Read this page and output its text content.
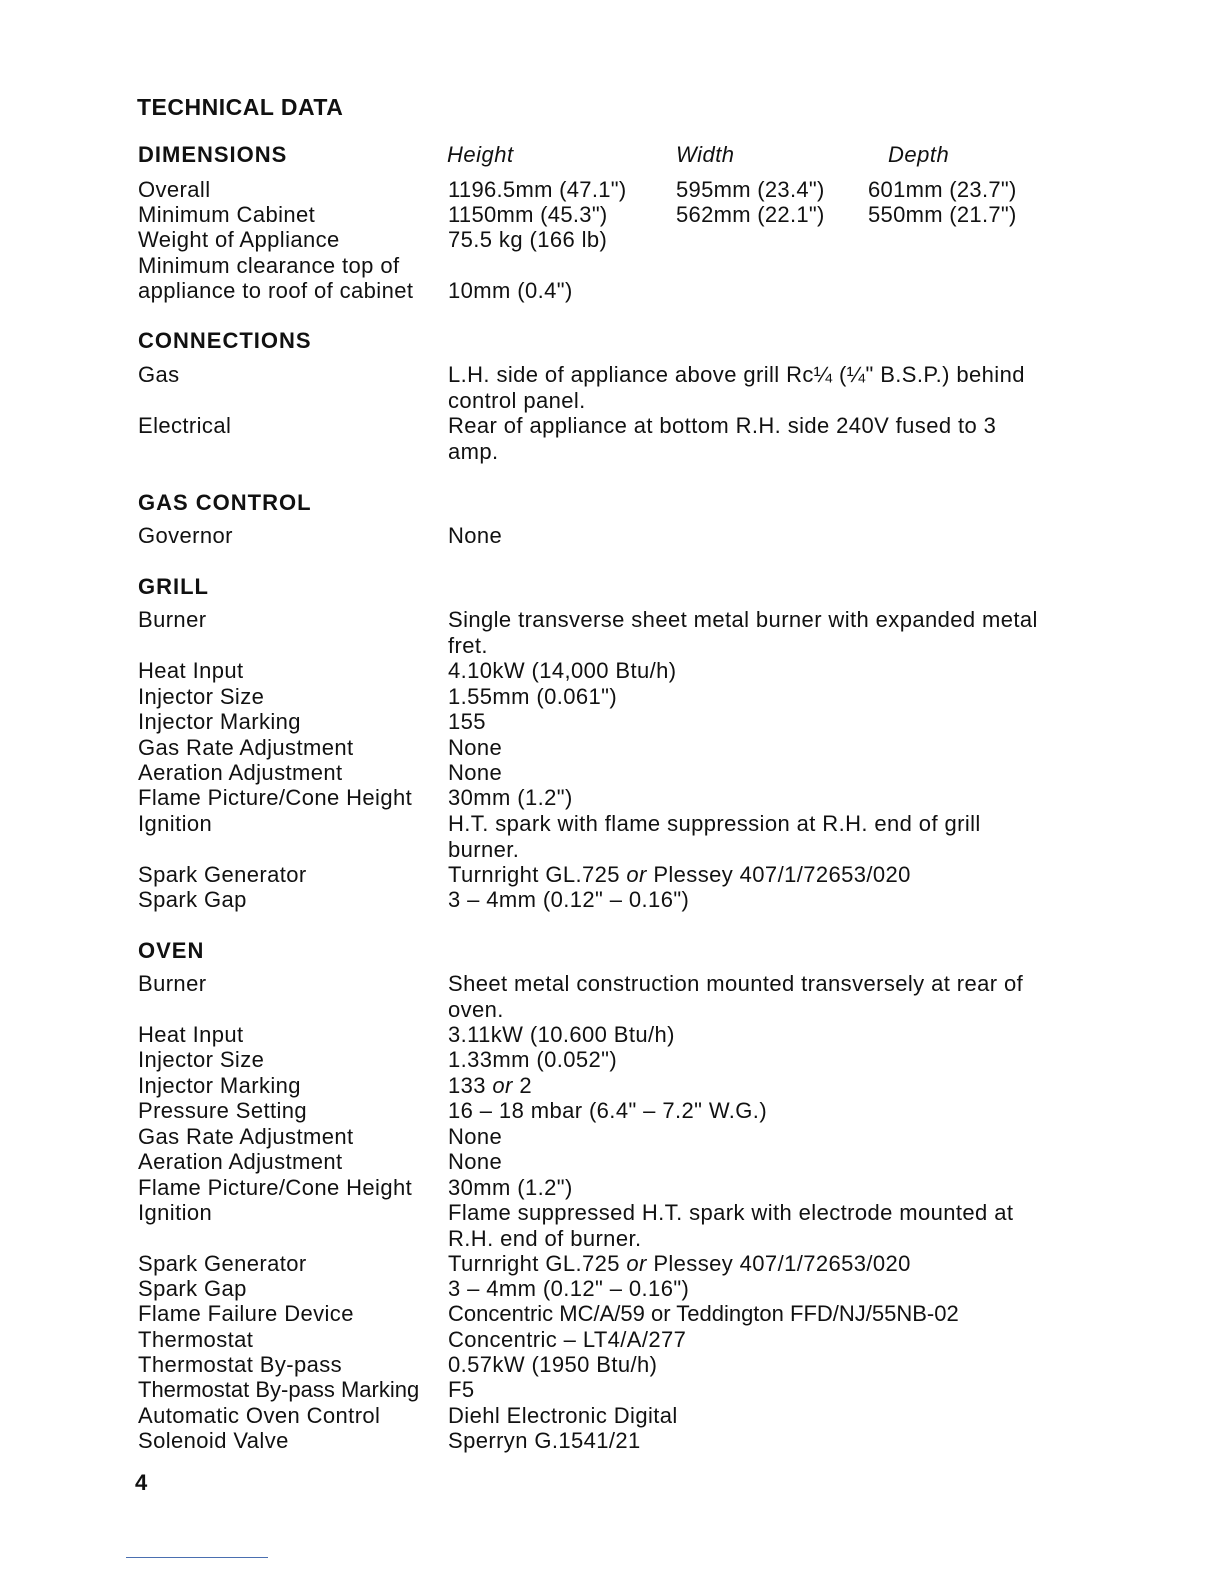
TECHNICAL DATA
DIMENSIONS	Height	Width	Depth
Overall	1196.5mm (47.1") 595mm (23.4") 601mm (23.7")
Minimum Cabinet	1150mm (45.3")	562mm (22.1") 550mm (21.7")
Weight of Appliance	75.5 kg (166 lb)
Minimum clearance top of
appliance to roof of cabinet	10mm (0.4")
CONNECTIONS
Gas	L.H. side of appliance above grill Rc¼ (¼" B.S.P.) behind control panel.
Electrical	Rear of appliance at bottom R.H. side 240V fused to 3 amp.
GAS CONTROL
Governor	None
GRILL
Burner	Single transverse sheet metal burner with expanded metal fret.
Heat Input	4.10kW (14,000 Btu/h)
Injector Size	1.55mm (0.061")
Injector Marking	155
Gas Rate Adjustment	None
Aeration Adjustment	None
Flame Picture/Cone Height	30mm (1.2")
Ignition	H.T. spark with flame suppression at R.H. end of grill burner.
Spark Generator	Turnright GL.725 or Plessey 407/1/72653/020
Spark Gap	3 – 4mm (0.12" – 0.16")
OVEN
Burner	Sheet metal construction mounted transversely at rear of oven.
Heat Input	3.11kW (10.600 Btu/h)
Injector Size	1.33mm (0.052")
Injector Marking	133 or 2
Pressure Setting	16 – 18 mbar (6.4" – 7.2" W.G.)
Gas Rate Adjustment	None
Aeration Adjustment	None
Flame Picture/Cone Height	30mm (1.2")
Ignition	Flame suppressed H.T. spark with electrode mounted at R.H. end of burner.
Spark Generator	Turnright GL.725 or Plessey 407/1/72653/020
Spark Gap	3 – 4mm (0.12" – 0.16")
Flame Failure Device	Concentric MC/A/59 or Teddington FFD/NJ/55NB-02
Thermostat	Concentric – LT4/A/277
Thermostat By-pass	0.57kW (1950 Btu/h)
Thermostat By-pass Marking	F5
Automatic Oven Control	Diehl Electronic Digital
Solenoid Valve	Sperryn G.1541/21
4
